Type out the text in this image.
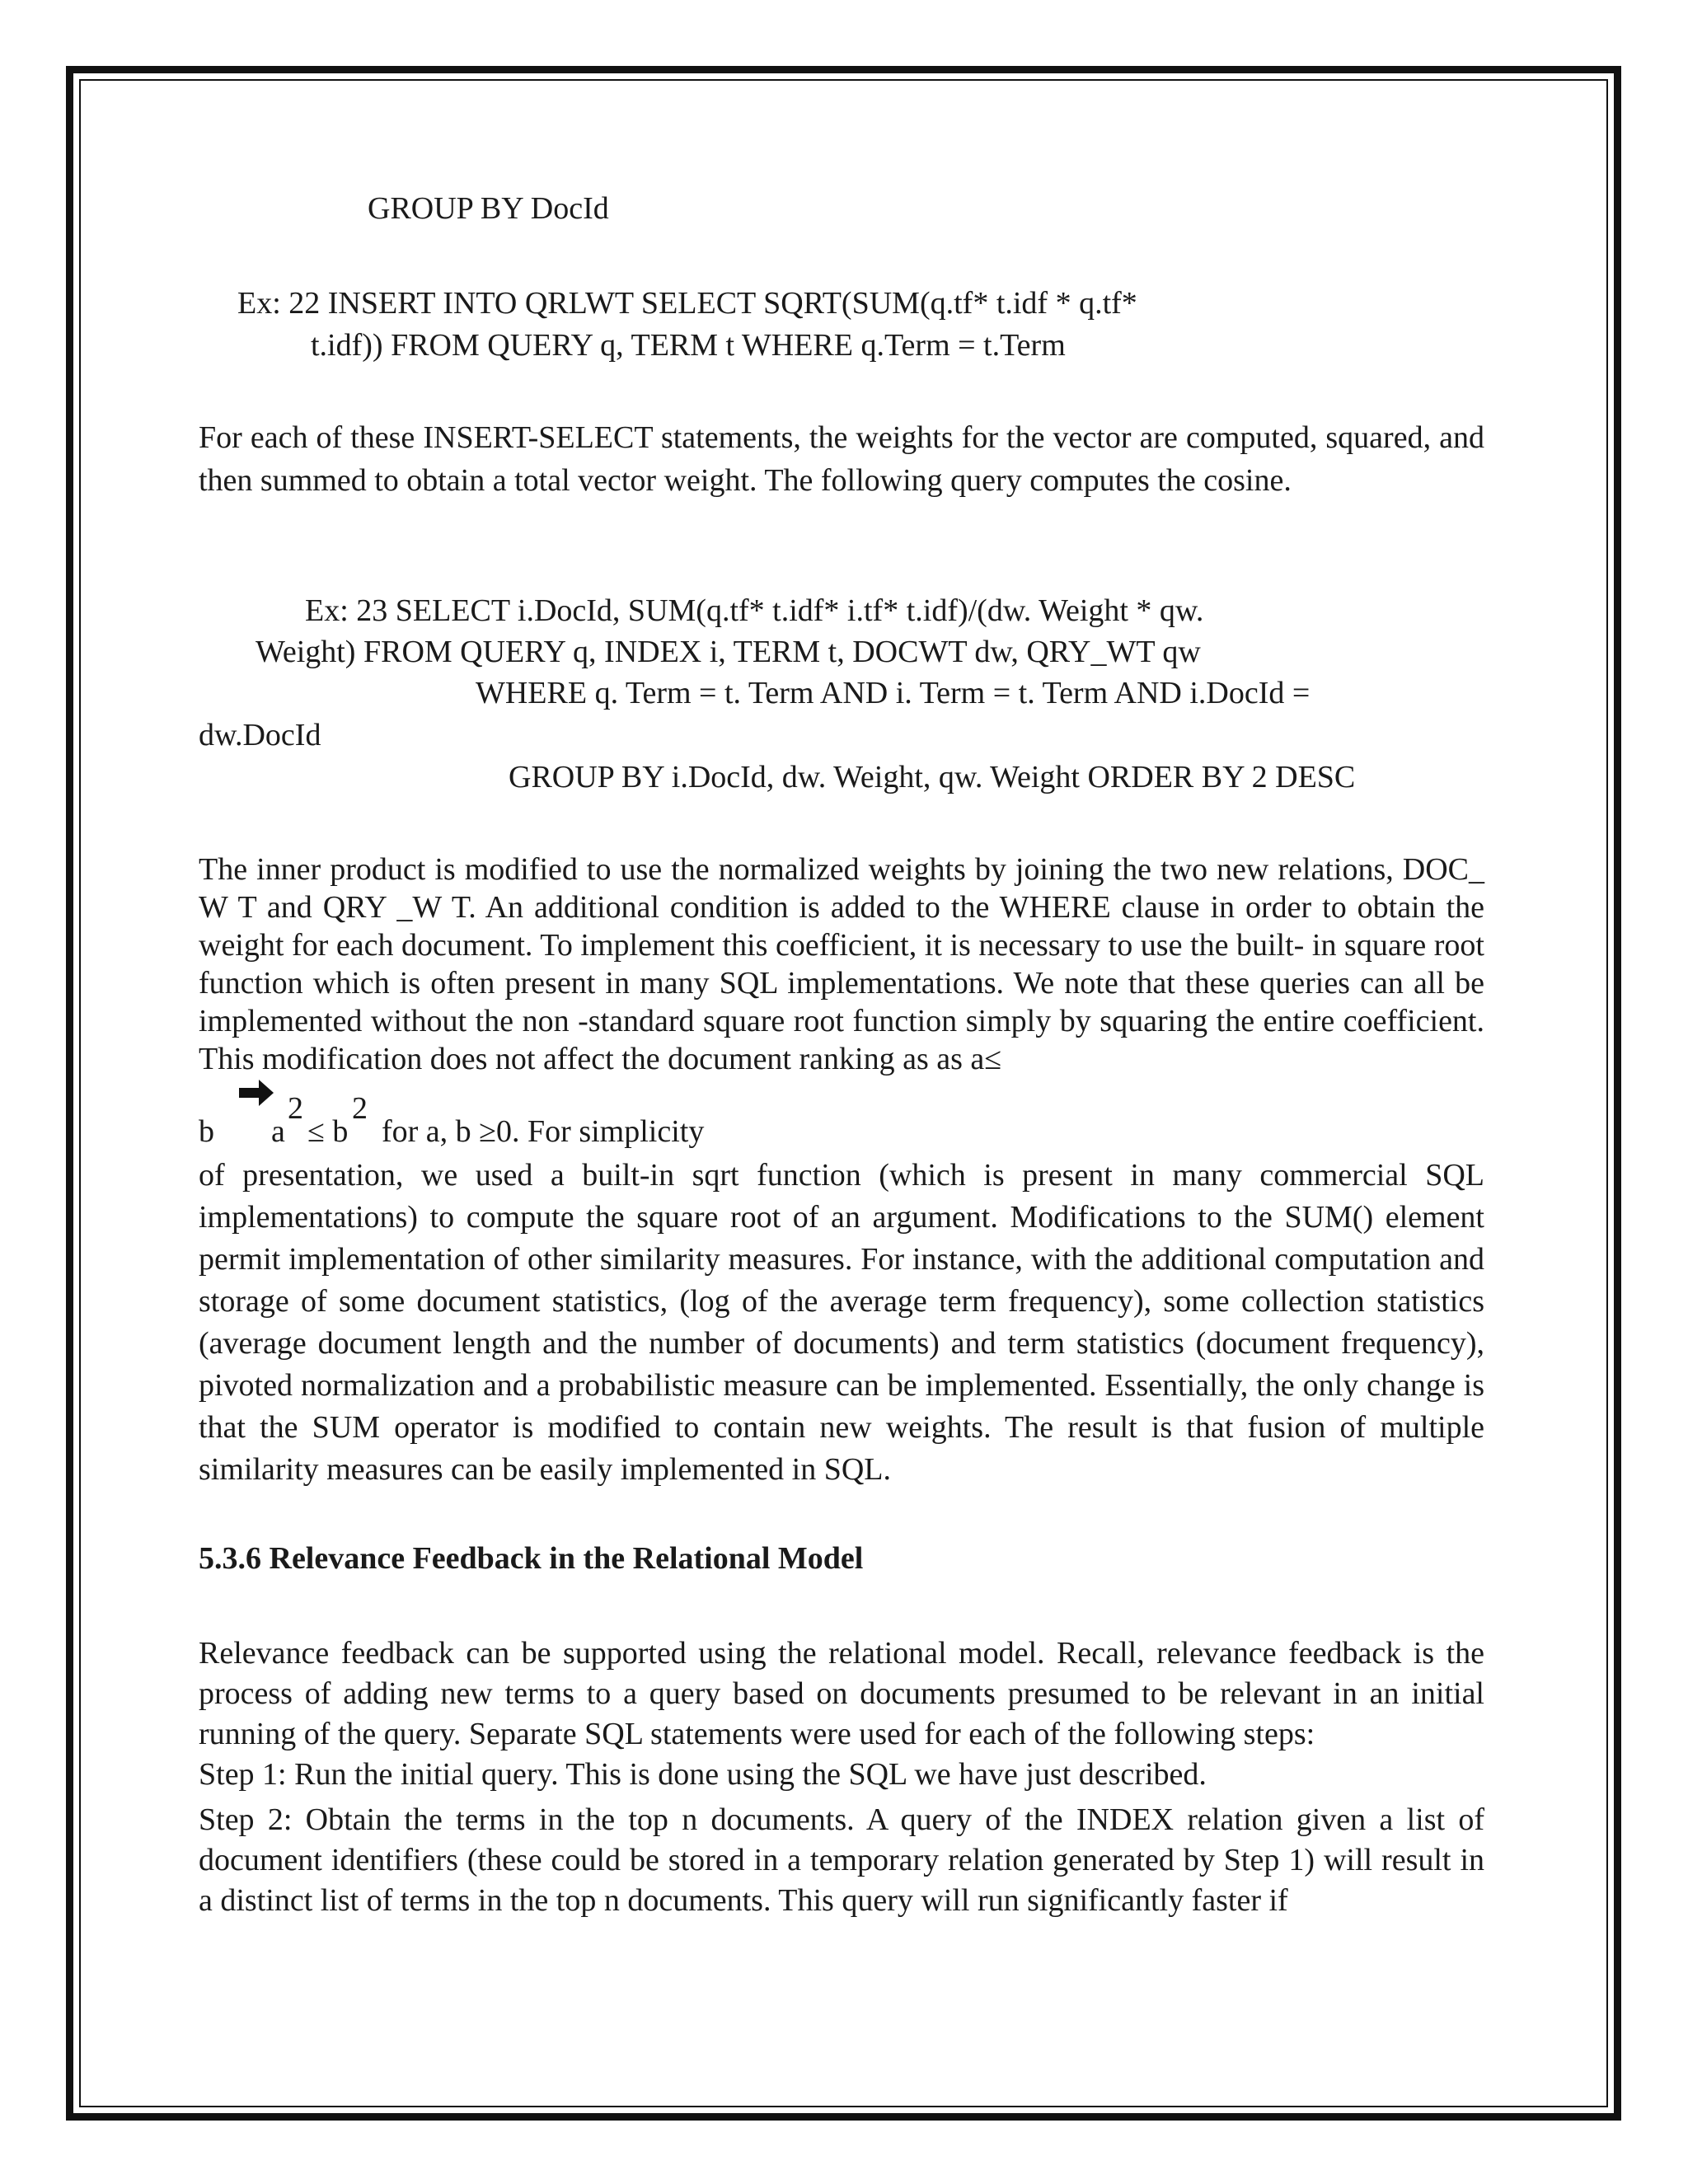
GROUP BY DocId
Ex: 22 INSERT INTO QRLWT SELECT SQRT(SUM(q.tf* t.idf * q.tf*
t.idf)) FROM QUERY q, TERM t WHERE q.Term = t.Term

For each of these INSERT-SELECT statements, the weights for the vector are computed, squared, and then summed to obtain a total vector weight. The following query computes the cosine.

Ex: 23 SELECT i.DocId, SUM(q.tf* t.idf* i.tf* t.idf)/(dw. Weight * qw.
Weight) FROM QUERY q, INDEX i, TERM t, DOCWT dw, QRY_WT qw
WHERE q. Term = t. Term AND i. Term = t. Term AND i.DocId =
dw.DocId
GROUP BY i.DocId, dw. Weight, qw. Weight ORDER BY 2 DESC

The inner product is modified to use the normalized weights by joining the two new relations, DOC_ W T and QRY _W T. An additional condition is added to the WHERE clause in order to obtain the weight for each document. To implement this coefficient, it is necessary to use the built- in square root function which is often present in many SQL implementations. We note that these queries can all be implemented without the non -standard square root function simply by squaring the entire coefficient. This modification does not affect the document ranking as as a≤

b a
2
≤ b
2
for a, b ≥0. For simplicity

of presentation, we used a built-in sqrt function (which is present in many commercial SQL implementations) to compute the square root of an argument. Modifications to the SUM() element permit implementation of other similarity measures. For instance, with the additional computation and storage of some document statistics, (log of the average term frequency), some collection statistics (average document length and the number of documents) and term statistics (document frequency), pivoted normalization and a probabilistic measure can be implemented. Essentially, the only change is that the SUM operator is modified to contain new weights. The result is that fusion of multiple similarity measures can be easily implemented in SQL.

5.3.6 Relevance Feedback in the Relational Model

Relevance feedback can be supported using the relational model. Recall, relevance feedback is the process of adding new terms to a query based on documents presumed to be relevant in an initial running of the query. Separate SQL statements were used for each of the following steps:

Step 1: Run the initial query. This is done using the SQL we have just described.

Step 2: Obtain the terms in the top n documents. A query of the INDEX relation given a list of document identifiers (these could be stored in a temporary relation generated by Step 1) will result in a distinct list of terms in the top n documents. This query will run significantly faster if
